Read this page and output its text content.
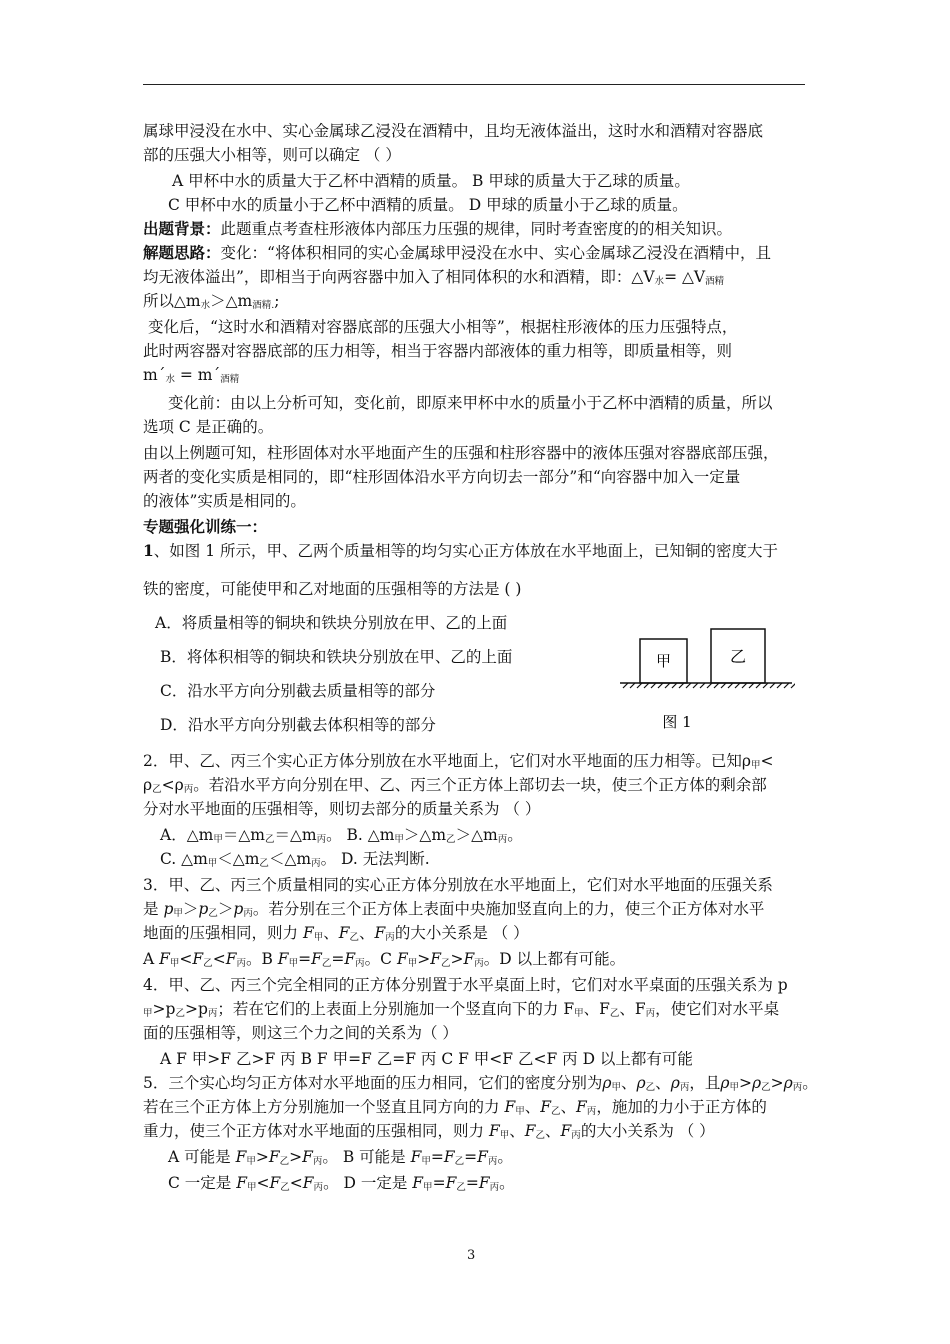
属球甲浸没在水中、实心金属球乙浸没在酒精中，且均无液体溢出，这时水和酒精对容器底
部的压强大小相等，则可以确定 （ ）
A 甲杯中水的质量大于乙杯中酒精的质量。 B 甲球的质量大于乙球的质量。
C 甲杯中水的质量小于乙杯中酒精的质量。 D 甲球的质量小于乙球的质量。
出题背景：此题重点考查柱形液体内部压力压强的规律，同时考查密度的的相关知识。
解题思路：变化：“将体积相同的实心金属球甲浸没在水中、实心金属球乙浸没在酒精中，且
均无液体溢出”，即相当于向两容器中加入了相同体积的水和酒精，即：$\triangle V_水=$ $\triangle V_{酒精}$
所以$\triangle m_水>\triangle m_{酒精.}$;
变化后，“这时水和酒精对容器底部的压强大小相等”，根据柱形液体的压力压强特点，
此时两容器对容器底部的压力相等，相当于容器内部液体的重力相等，即质量相等，则
$m´_水$ = $m´_{酒精}$
变化前：由以上分析可知，变化前，即原来甲杯中水的质量小于乙杯中酒精的质量，所以
选项 C 是正确的。
由以上例题可知，柱形固体对水平地面产生的压强和柱形容器中的液体压强对容器底部压强，
两者的变化实质是相同的，即“柱形固体沿水平方向切去一部分”和“向容器中加入一定量
的液体”实质是相同的。
专题强化训练一：
1、如图 1 所示，甲、乙两个质量相等的均匀实心正方体放在水平地面上，已知铜的密度大于
铁的密度，可能使甲和乙对地面的压强相等的方法是 ( )
A．将质量相等的铜块和铁块分别放在甲、乙的上面
B．将体积相等的铜块和铁块分别放在甲、乙的上面
C．沿水平方向分别截去质量相等的部分
D．沿水平方向分别截去体积相等的部分
2．甲、乙、丙三个实心正方体分别放在水平地面上，它们对水平地面的压力相等。已知$\rho_甲<$
$\rho_乙<\rho_丙$。若沿水平方向分别在甲、乙、丙三个正方体上部切去一块，使三个正方体的剩余部
分对水平地面的压强相等，则切去部分的质量关系为 （ ）
A．$\triangle m_甲=\triangle m_乙=\triangle m_丙$。 B. $\triangle m_甲>\triangle m_乙>\triangle m_丙$。
C. $\triangle m_甲<\triangle m_乙<\triangle m_丙$。 D. 无法判断.
3．甲、乙、丙三个质量相同的实心正方体分别放在水平地面上，它们对水平地面的压强关系
是 $p_甲>p_乙>p_丙$。若分别在三个正方体上表面中央施加竖直向上的力，使三个正方体对水平
地面的压强相同，则力 $F_甲$、$F_乙$、$F_丙$的大小关系是 （ ）
A $F_甲<F_乙<F_丙$。B $F_甲=F_乙=F_丙$。C $F_甲>F_乙>F_丙$。D 以上都有可能。
4．甲、乙、丙三个完全相同的正方体分别置于水平桌面上时，它们对水平桌面的压强关系为 p
$_甲>p_乙>p_丙$；若在它们的上表面上分别施加一个竖直向下的力 $F_甲$、$F_乙$、$F_丙$，使它们对水平桌
面的压强相等，则这三个力之间的关系为（ ）
A F 甲>F 乙>F 丙 B F 甲=F 乙=F 丙 C F 甲<F 乙<F 丙 D 以上都有可能
5．三个实心均匀正方体对水平地面的压力相同，它们的密度分别为$\rho_甲$、$\rho_乙$、$\rho_丙$，且$\rho_甲>\rho_乙>\rho_丙$。
若在三个正方体上方分别施加一个竖直且同方向的力 $F_甲$、$F_乙$、$F_丙$，施加的力小于正方体的
重力，使三个正方体对水平地面的压强相同，则力 $F_甲$、$F_乙$、$F_丙$的大小关系为 （ ）
A 可能是 $F_甲>F_乙>F_丙$。 B 可能是 $F_甲=F_乙=F_丙$。
C 一定是 $F_甲<F_乙<F_丙$。 D 一定是 $F_甲=F_乙=F_丙$。
甲	乙
图 1
3
